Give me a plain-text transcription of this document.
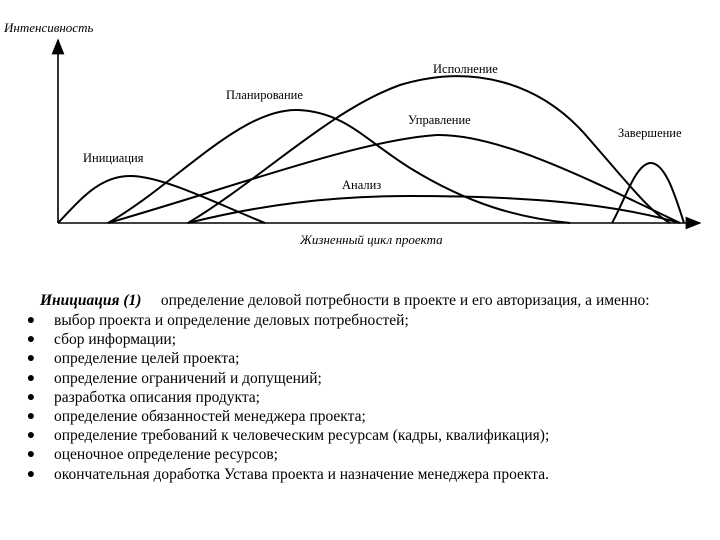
Интенсивность
Жизненный цикл проекта
Инициация
Планирование
Исполнение
Управление
Анализ
Завершение

Инициация (1) определение деловой потребности в проекте и его авторизация, а именно:

● выбор проекта и определение деловых потребностей;
● сбор информации;
● определение целей проекта;
● определение ограничений и допущений;
● разработка описания продукта;
● определение обязанностей менеджера проекта;
● определение требований к человеческим ресурсам (кадры, квалификация);
● оценочное определение ресурсов;
● окончательная доработка Устава проекта и назначение менеджера проекта.
